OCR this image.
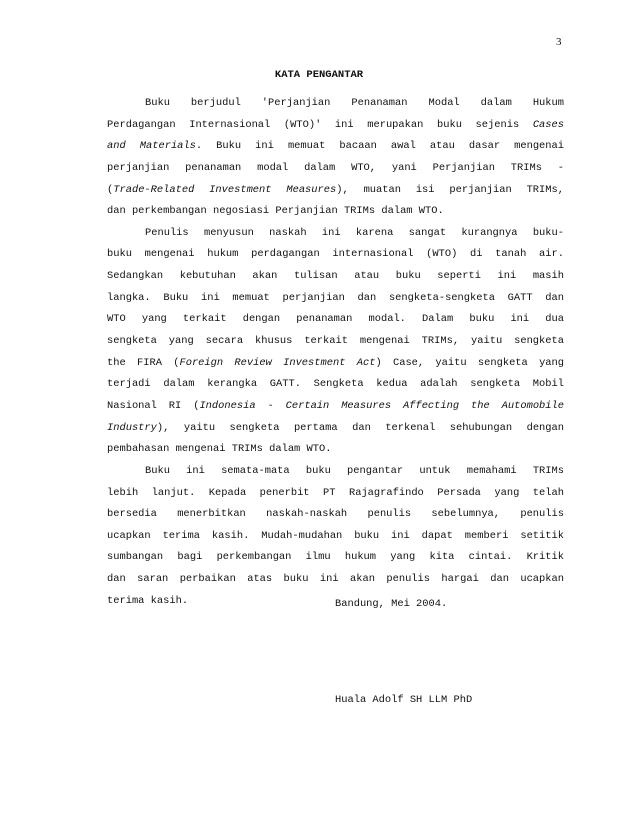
3
KATA PENGANTAR
Buku berjudul 'Perjanjian Penanaman Modal dalam Hukum
Perdagangan Internasional (WTO)' ini merupakan buku sejenis Cases
and Materials. Buku ini memuat bacaan awal atau dasar mengenai
perjanjian penanaman modal dalam WTO, yani Perjanjian TRIMs -
(Trade-Related Investment Measures), muatan isi perjanjian TRIMs,
dan perkembangan negosiasi Perjanjian TRIMs dalam WTO.
Penulis menyusun naskah ini karena sangat kurangnya buku-
buku mengenai hukum perdagangan internasional (WTO) di tanah air.
Sedangkan kebutuhan akan tulisan atau buku seperti ini masih
langka. Buku ini memuat perjanjian dan sengketa-sengketa GATT dan
WTO yang terkait dengan penanaman modal. Dalam buku ini dua
sengketa yang secara khusus terkait mengenai TRIMs, yaitu sengketa
the FIRA (Foreign Review Investment Act) Case, yaitu sengketa yang
terjadi dalam kerangka GATT. Sengketa kedua adalah sengketa Mobil
Nasional RI (Indonesia - Certain Measures Affecting the Automobile
Industry), yaitu sengketa pertama dan terkenal sehubungan dengan
pembahasan mengenai TRIMs dalam WTO.
Buku ini semata-mata buku pengantar untuk memahami TRIMs
lebih lanjut. Kepada penerbit PT Rajagrafindo Persada yang telah
bersedia menerbitkan naskah-naskah penulis sebelumnya, penulis
ucapkan terima kasih. Mudah-mudahan buku ini dapat memberi setitik
sumbangan bagi perkembangan ilmu hukum yang kita cintai. Kritik
dan saran perbaikan atas buku ini akan penulis hargai dan ucapkan
terima kasih.	Bandung, Mei 2004.
Huala Adolf SH LLM PhD
